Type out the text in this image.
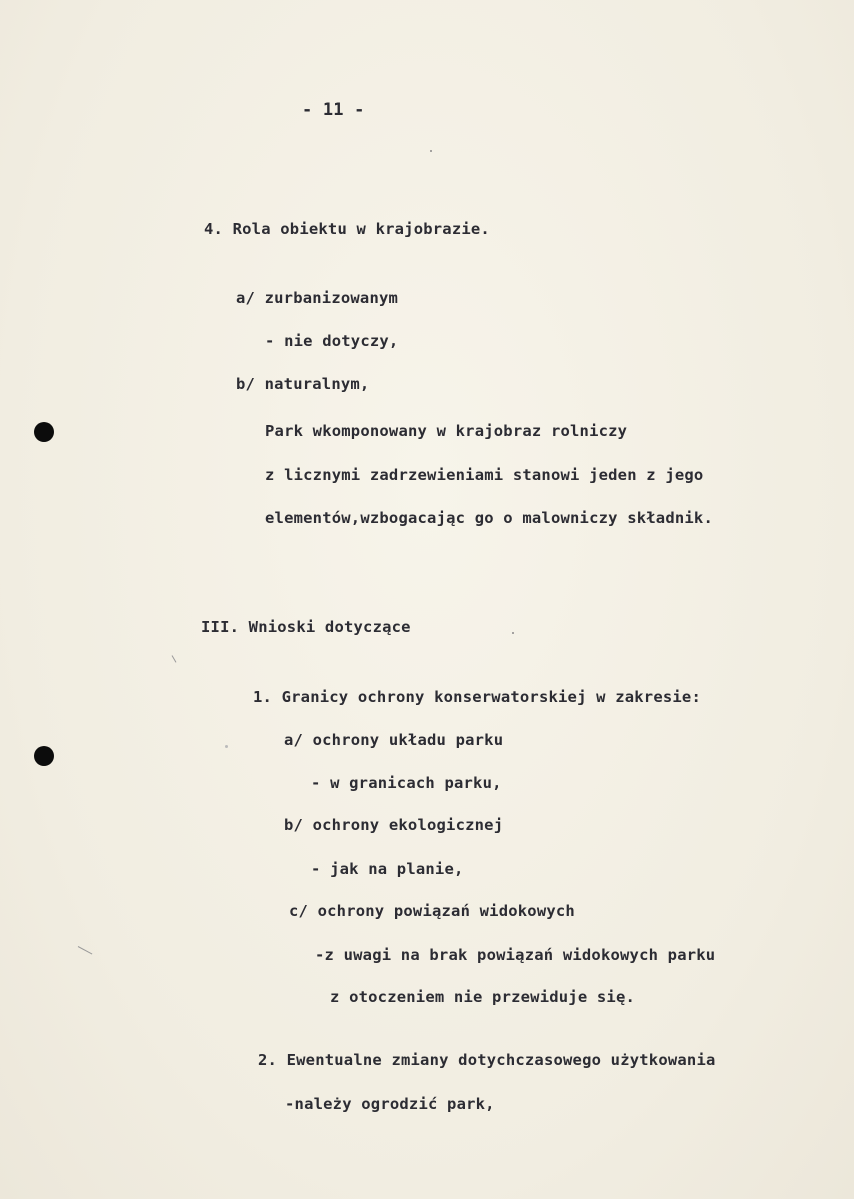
- 11 -
4. Rola obiektu w krajobrazie.
a/ zurbanizowanym
- nie dotyczy,
b/ naturalnym,
Park wkomponowany w krajobraz rolniczy
z licznymi zadrzewieniami stanowi jeden z jego
elementów,wzbogacając go o malowniczy składnik.
III. Wnioski dotyczące
1. Granicy ochrony konserwatorskiej w zakresie:
a/ ochrony układu parku
- w granicach parku,
b/ ochrony ekologicznej
- jak na planie,
c/ ochrony powiązań widokowych
-z uwagi na brak powiązań widokowych parku
z otoczeniem nie przewiduje się.
2. Ewentualne zmiany dotychczasowego użytkowania
-należy ogrodzić park,
